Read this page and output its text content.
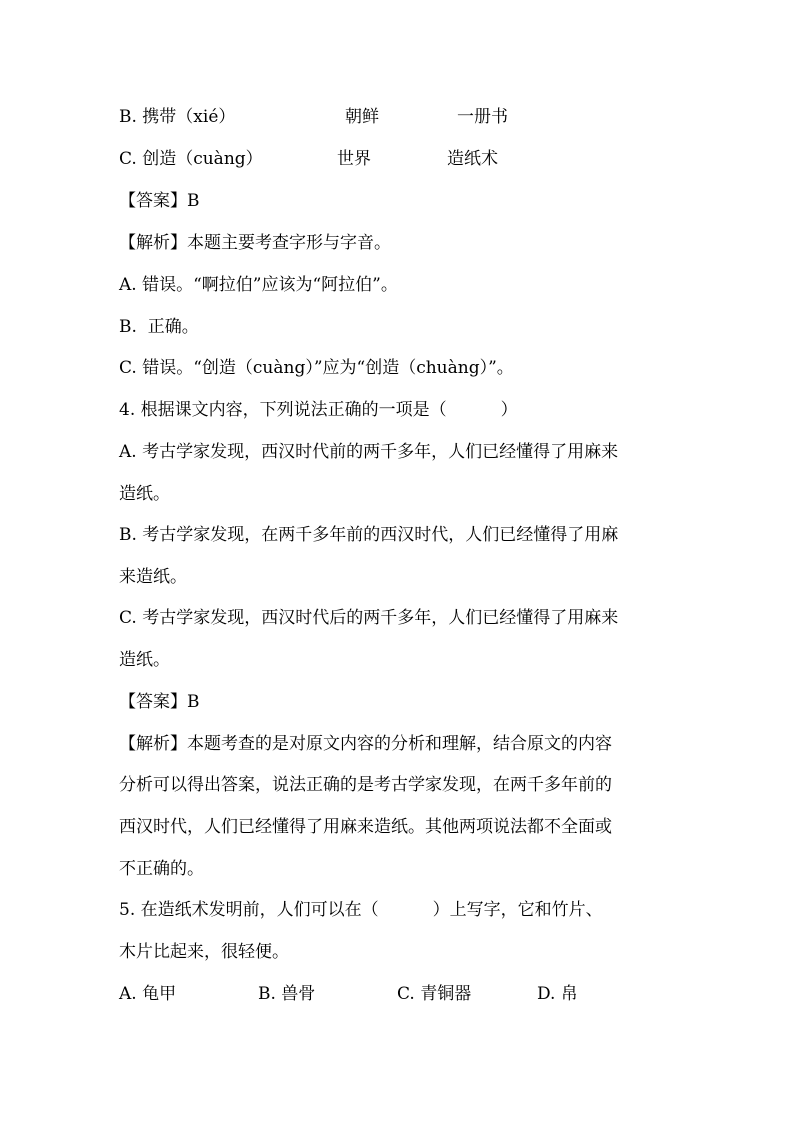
B. 携带（xié）	朝鲜	一册书
C. 创造（cuàng）	世界	造纸术
【答案】B
【解析】本题主要考查字形与字音。
A. 错误。“啊拉伯”应该为“阿拉伯”。
B.  正确。
C. 错误。“创造（cuàng）”应为“创造（chuàng）”。
4. 根据课文内容，下列说法正确的一项是（          ）
A. 考古学家发现，西汉时代前的两千多年，人们已经懂得了用麻来
造纸。
B. 考古学家发现，在两千多年前的西汉时代，人们已经懂得了用麻
来造纸。
C. 考古学家发现，西汉时代后的两千多年，人们已经懂得了用麻来
造纸。
【答案】B
【解析】本题考查的是对原文内容的分析和理解，结合原文的内容
分析可以得出答案，说法正确的是考古学家发现，在两千多年前的
西汉时代，人们已经懂得了用麻来造纸。其他两项说法都不全面或
不正确的。
5. 在造纸术发明前，人们可以在（          ）上写字，它和竹片、
木片比起来，很轻便。
A. 龟甲	B. 兽骨	C. 青铜器	D. 帛
